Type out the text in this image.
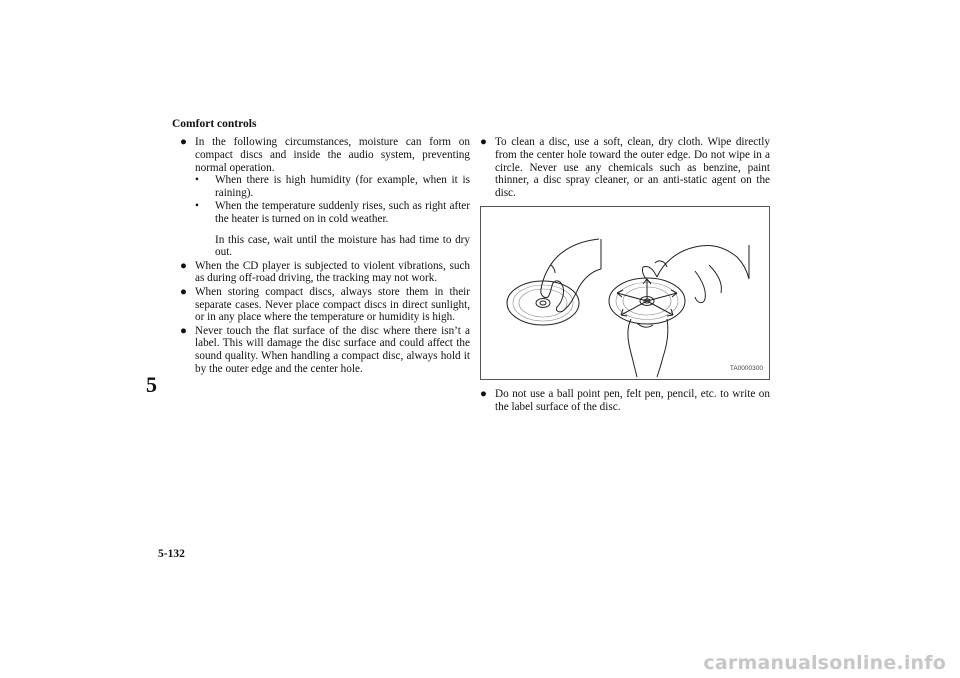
Comfort controls
5
● In the following circumstances, moisture can form on compact discs and inside the audio system, preventing normal operation.
• When there is high humidity (for example, when it is raining).
• When the temperature suddenly rises, such as right after the heater is turned on in cold weather.
In this case, wait until the moisture has had time to dry out.
● When the CD player is subjected to violent vibrations, such as during off-road driving, the tracking may not work.
● When storing compact discs, always store them in their separate cases. Never place compact discs in direct sunlight, or in any place where the temperature or humidity is high.
● Never touch the flat surface of the disc where there isn’t a label. This will damage the disc surface and could affect the sound quality. When handling a compact disc, always hold it by the outer edge and the center hole.
● To clean a disc, use a soft, clean, dry cloth. Wipe directly from the center hole toward the outer edge. Do not wipe in a circle. Never use any chemicals such as benzine, paint thinner, a disc spray cleaner, or an anti-static agent on the disc.
TA0000300
● Do not use a ball point pen, felt pen, pencil, etc. to write on the label surface of the disc.
5-132
carmanualsonline.info
